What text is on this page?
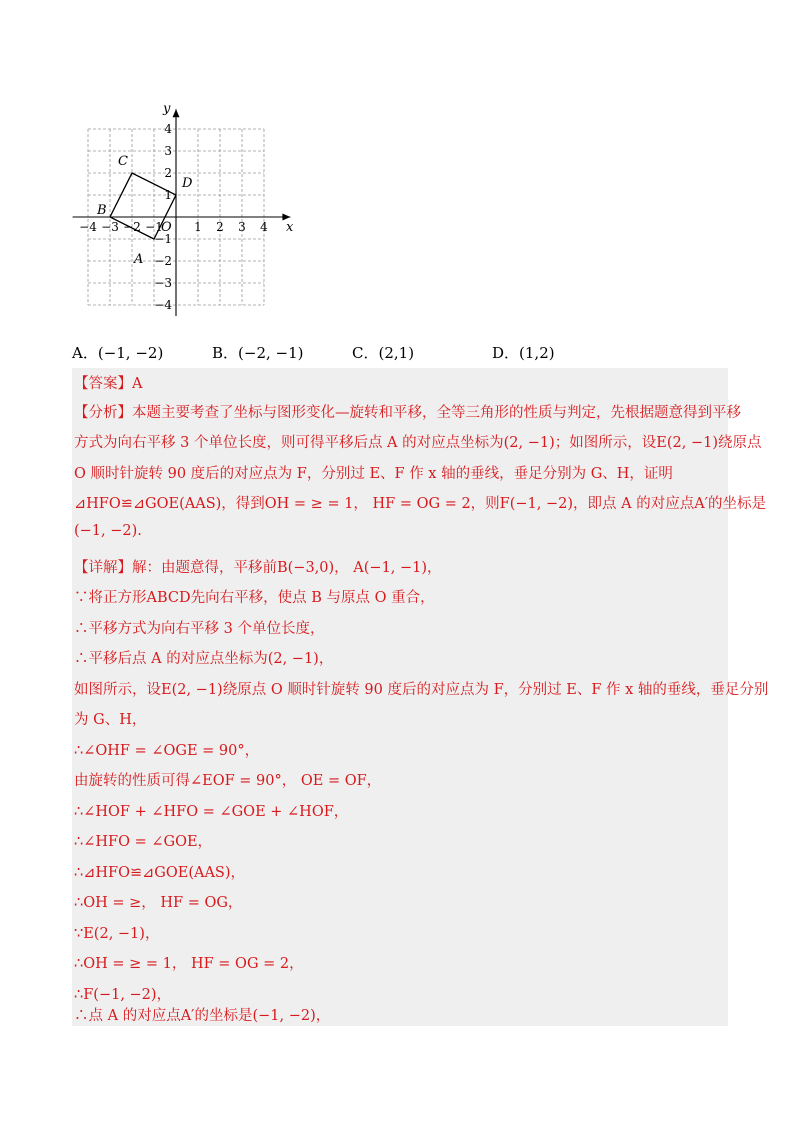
x
y
−4 −3 −2 −1	1 2 3 4
4
3
2
1
−1
−2
−3
−4
O
A
B
C
D
A．(−1, −2)	B．(−2, −1)	C．(2,1)	D．(1,2)
【答案】A
【分析】本题主要考查了坐标与图形变化—旋转和平移，全等三角形的性质与判定，先根据题意得到平移
方式为向右平移 3 个单位长度，则可得平移后点 A 的对应点坐标为(2, −1)；如图所示，设E(2, −1)绕原点
O 顺时针旋转 90 度后的对应点为 F，分别过 E、F 作 x 轴的垂线，垂足分别为 G、H，证明
⊿HFO≌⊿GOE(AAS)，得到OH = ≥ = 1， HF = OG = 2，则F(−1, −2)，即点 A 的对应点A′的坐标是
(−1, −2).
【详解】解：由题意得，平移前B(−3,0)， A(−1, −1)，
∵将正方形ABCD先向右平移，使点 B 与原点 O 重合，
∴平移方式为向右平移 3 个单位长度，
∴平移后点 A 的对应点坐标为(2, −1)，
如图所示，设E(2, −1)绕原点 O 顺时针旋转 90 度后的对应点为 F，分别过 E、F 作 x 轴的垂线，垂足分别
为 G、H，
∴∠OHF = ∠OGE = 90°，
由旋转的性质可得∠EOF = 90°， OE = OF，
∴∠HOF + ∠HFO = ∠GOE + ∠HOF，
∴∠HFO = ∠GOE，
∴⊿HFO≌⊿GOE(AAS)，
∴OH = ≥， HF = OG，
∵E(2, −1)，
∴OH = ≥ = 1， HF = OG = 2，
∴F(−1, −2)，
∴点 A 的对应点A′的坐标是(−1, −2)，
